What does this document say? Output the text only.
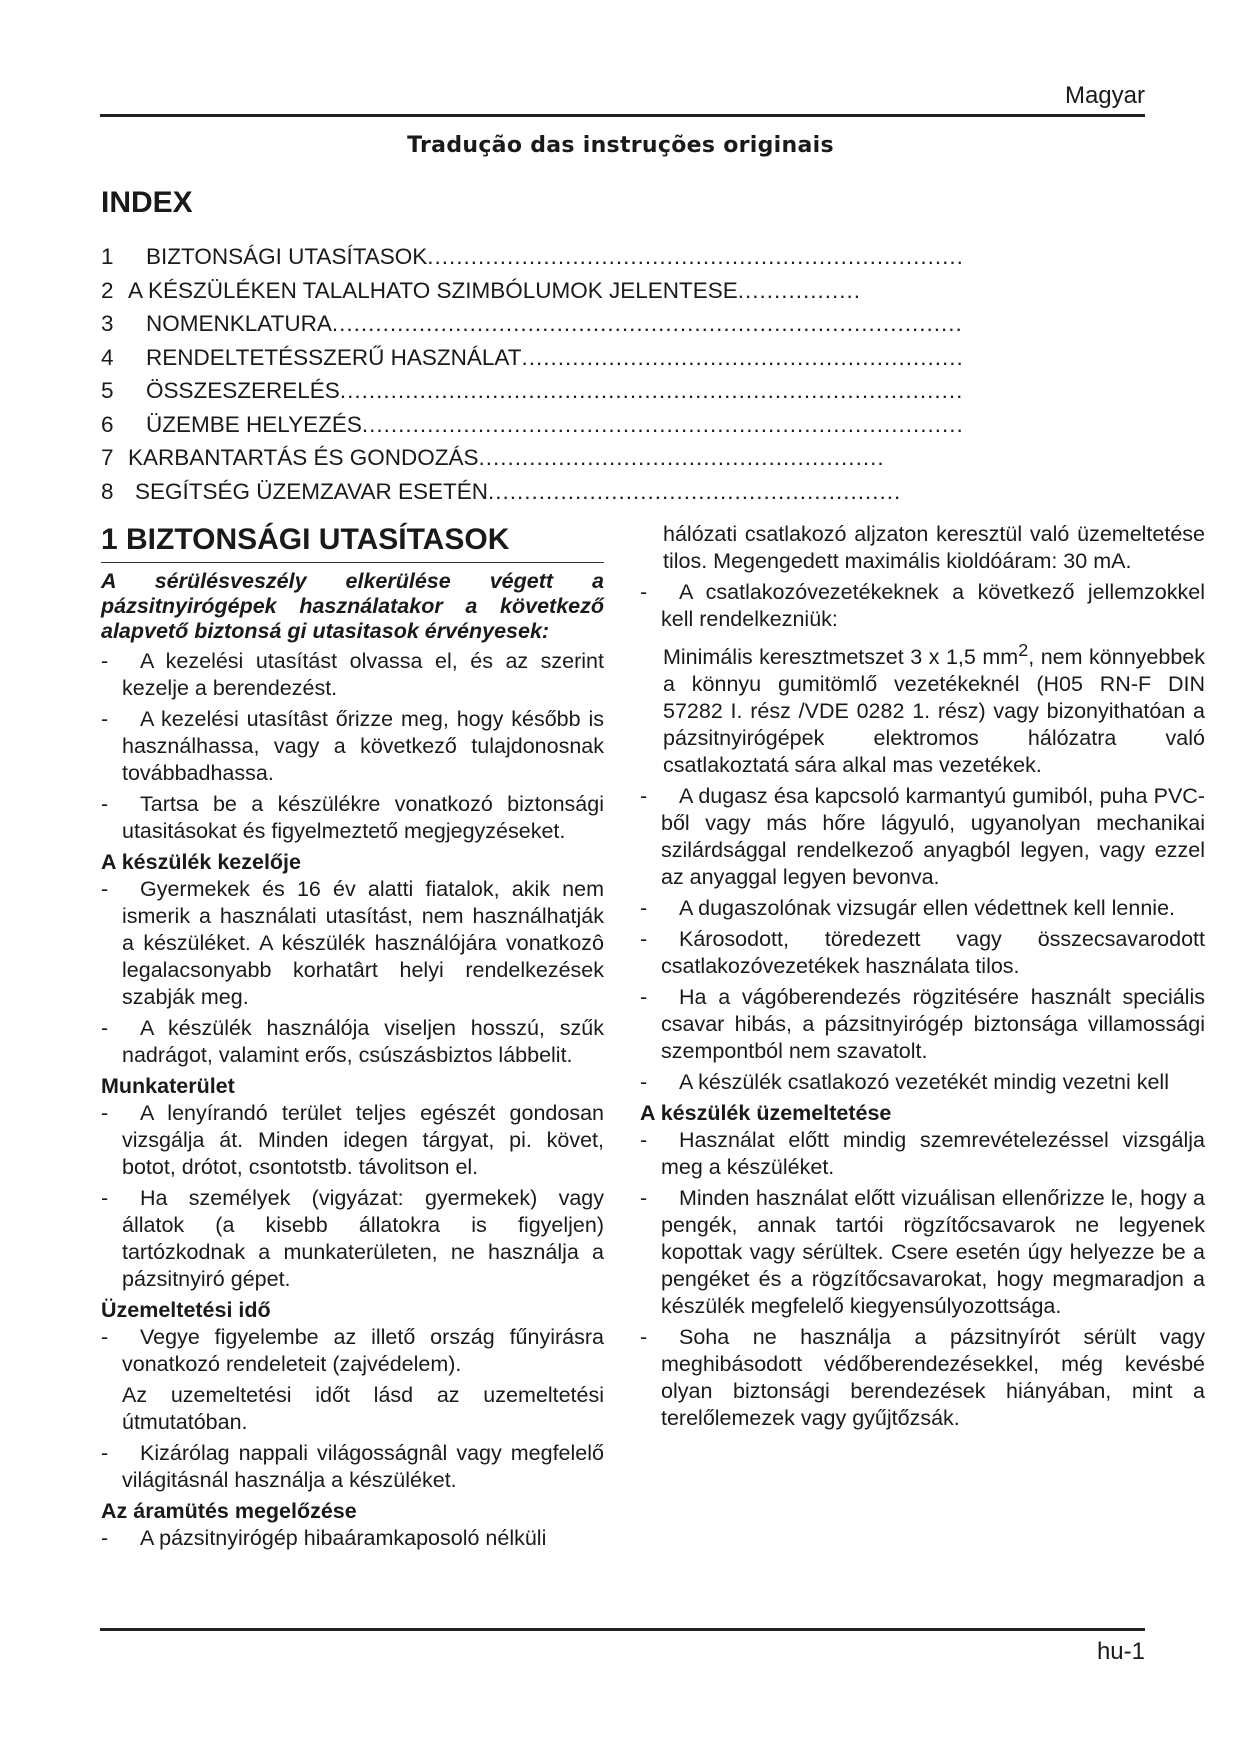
Magyar
Tradução das instruções originais
INDEX
1	BIZTONSÁGI UTASÍTASOK
.....
2 A KÉSZÜLÉKEN TALALHATO SZIMBÓLUMOK JELENTESE
.....
3	NOMENKLATURA
.....
4	RENDELTETÉSSZERŰ HASZNÁLAT
.....
5	ÖSSZESZERELÉS
.....
6	ÜZEMBE HELYEZÉS
.....
7 KARBANTARTÁS ÉS GONDOZÁS
.....
8 SEGÍTSÉG ÜZEMZAVAR ESETÉN
.....
1 BIZTONSÁGI UTASÍTASOK

A sérülésveszély elkerülése végett a pázsitnyirógépek használatakor a következő alapvető biztonsá gi utasitasok érvényesek:

-	A kezelési utasítást olvassa el, és az szerint kezelje a berendezést.
-	A kezelési utasítâst őrizze meg, hogy később is használhassa, vagy a következő tulajdonosnak továbbadhassa.
-	Tartsa be a készülékre vonatkozó biztonsági utasitásokat és figyelmeztető megjegyzéseket.

A készülék kezelője

-	Gyermekek és 16 év alatti fiatalok, akik nem ismerik a használati utasítást, nem használhatják a készüléket. A készülék használójára vonatkozô legalacsonyabb korhatârt helyi rendelkezések szabják meg.
-	A készülék használója viseljen hosszú, szűk nadrágot, valamint erős, csúszásbiztos lábbelit.

Munkaterület

-	A lenyírandó terület teljes egészét gondosan vizsgálja át. Minden idegen tárgyat, pi. követ, botot, drótot, csontotstb. távolitson el.
-	Ha személyek (vigyázat: gyermekek) vagy állatok (a kisebb állatokra is figyeljen) tartózkodnak a munkaterületen, ne használja a pázsitnyiró gépet.

Üzemeltetési idő

-	Vegye figyelembe az illető ország fűnyirásra vonatkozó rendeleteit (zajvédelem).

Az uzemeltetési időt lásd az uzemeltetési útmutatóban.

-	Kizárólag nappali világosságnâl vagy megfelelő világitásnál használja a készüléket.

Az áramütés megelőzése

-	A pázsitnyirógép hibaáramkaposoló nélküli

hálózati csatlakozó aljzaton keresztül való üzemeltetése tilos. Megengedett maximális kioldóáram: 30 mA.

-	A csatlakozóvezetékeknek a következő jellemzokkel kell rendelkezniük:

Minimális keresztmetszet 3 x 1,5 $mm^2$, nem könnyebbek a könnyu gumitömlő vezetékeknél (H05 RN-F DIN 57282 I. rész /VDE 0282 1. rész) vagy bizonyithatóan a pázsitnyirógépek elektromos hálózatra való csatlakoztatá sára alkal mas vezetékek.

-	A dugasz ésa kapcsoló karmantyú gumiból, puha PVC-ből vagy más hőre lágyuló, ugyanolyan mechanikai szilárdsággal rendelkezoő anyagból legyen, vagy ezzel az anyaggal legyen bevonva.
-	A dugaszolónak vizsugár ellen védettnek kell lennie.
-	Károsodott, töredezett vagy összecsavarodott csatlakozóvezetékek használata tilos.
-	Ha a vágóberendezés rögzitésére használt speciális csavar hibás, a pázsitnyirógép biztonsága villamossági szempontból nem szavatolt.
-	A készülék csatlakozó vezetékét mindig vezetni kell

A készülék üzemeltetése

-	Használat előtt mindig szemrevételezéssel vizsgálja meg a készüléket.
-	Minden használat előtt vizuálisan ellenőrizze le, hogy a pengék, annak tartói rögzítőcsavarok ne legyenek kopottak vagy sérültek. Csere esetén úgy helyezze be a pengéket és a rögzítőcsavarokat, hogy megmaradjon a készülék megfelelő kiegyensúlyozottsága.
-	Soha ne használja a pázsitnyírót sérült vagy meghibásodott védőberendezésekkel, még kevésbé olyan biztonsági berendezések hiányában, mint a terelőlemezek vagy gyűjtőzsák.
hu-1
